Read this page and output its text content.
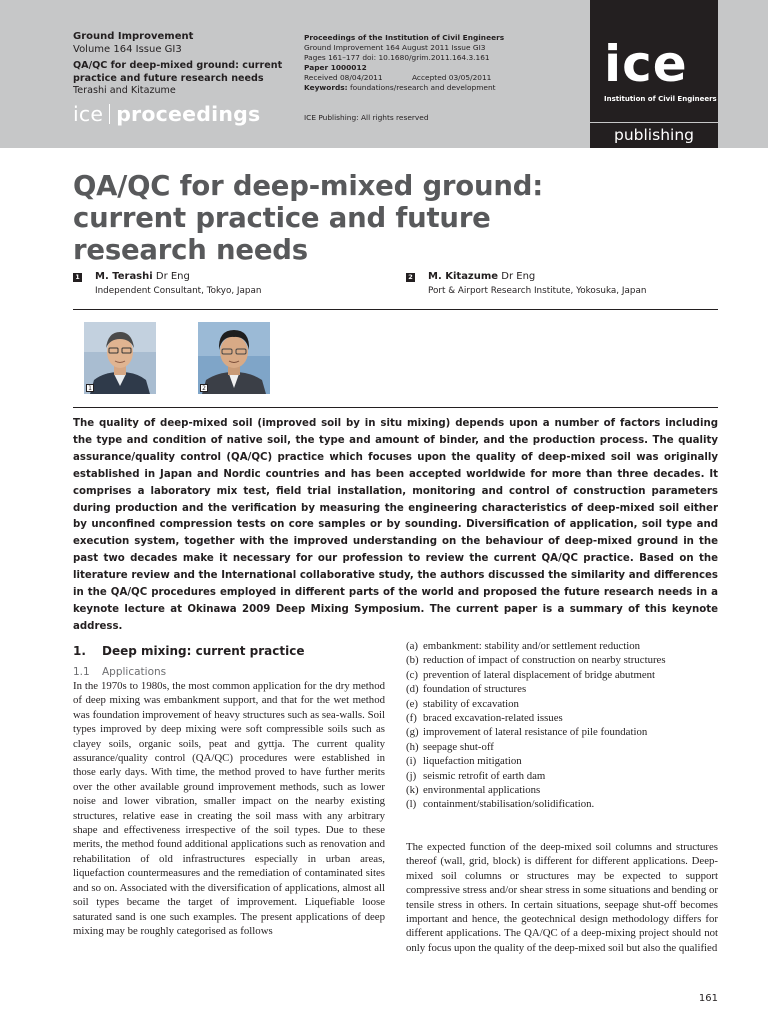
Ground Improvement
Volume 164 Issue GI3
QA/QC for deep-mixed ground: current practice and future research needs
Terashi and Kitazume
ice proceedings
Proceedings of the Institution of Civil Engineers
Ground Improvement 164 August 2011 Issue GI3
Pages 161–177 doi: 10.1680/grim.2011.164.3.161
Paper 1000012
Received 08/04/2011	Accepted 03/05/2011
Keywords: foundations/research and development
ICE Publishing: All rights reserved
ice
Institution of Civil Engineers
publishing
QA/QC for deep-mixed ground:
current practice and future
research needs
1 M. Terashi Dr Eng
Independent Consultant, Tokyo, Japan
2 M. Kitazume Dr Eng
Port & Airport Research Institute, Yokosuka, Japan
1	2
The quality of deep-mixed soil (improved soil by in situ mixing) depends upon a number of factors including the type and condition of native soil, the type and amount of binder, and the production process. The quality assurance/quality control (QA/QC) practice which focuses upon the quality of deep-mixed soil was originally established in Japan and Nordic countries and has been accepted worldwide for more than three decades. It comprises a laboratory mix test, field trial installation, monitoring and control of construction parameters during production and the verification by measuring the engineering characteristics of deep-mixed soil either by unconfined compression tests on core samples or by sounding. Diversification of application, soil type and execution system, together with the improved understanding on the behaviour of deep-mixed ground in the past two decades make it necessary for our profession to review the current QA/QC practice. Based on the literature review and the International collaborative study, the authors discussed the similarity and differences in the QA/QC procedures employed in different parts of the world and proposed the future research needs in a keynote lecture at Okinawa 2009 Deep Mixing Symposium. The current paper is a summary of this keynote address.
1. Deep mixing: current practice
1.1 Applications
In the 1970s to 1980s, the most common application for the dry method of deep mixing was embankment support, and that for the wet method was foundation improvement of heavy structures such as sea-walls. Soil types improved by deep mixing were soft compressible soils such as clayey soils, organic soils, peat and gyttja. The current quality assurance/quality control (QA/QC) procedures were established in those early days. With time, the method proved to have further merits over the other available ground improvement methods, such as lower noise and lower vibration, smaller impact on the nearby existing structures, relative ease in creating the soil mass with any arbitrary shape and effectiveness irrespective of the soil types. Due to these merits, the method found additional applications such as renovation and rehabilitation of old infrastructures especially in urban areas, liquefaction countermeasures and the remediation of contaminated sites and so on. Associated with the diversification of applications, almost all soil types became the target of improvement. Liquefiable loose saturated sand is one such examples. The present applications of deep mixing may be roughly categorised as follows
(a) embankment: stability and/or settlement reduction
(b) reduction of impact of construction on nearby structures
(c) prevention of lateral displacement of bridge abutment
(d) foundation of structures
(e) stability of excavation
(f) braced excavation-related issues
(g) improvement of lateral resistance of pile foundation
(h) seepage shut-off
(i) liquefaction mitigation
(j) seismic retrofit of earth dam
(k) environmental applications
(l) containment/stabilisation/solidification.
The expected function of the deep-mixed soil columns and structures thereof (wall, grid, block) is different for different applications. Deep-mixed soil columns or structures may be expected to support compressive stress and/or shear stress in some situations and bending or tensile stress in others. In certain situations, seepage shut-off becomes important and hence, the geotechnical design methodology differs for different applications. The QA/QC of a deep-mixing project should not only focus upon the quality of the deep-mixed soil but also the qualified
161
